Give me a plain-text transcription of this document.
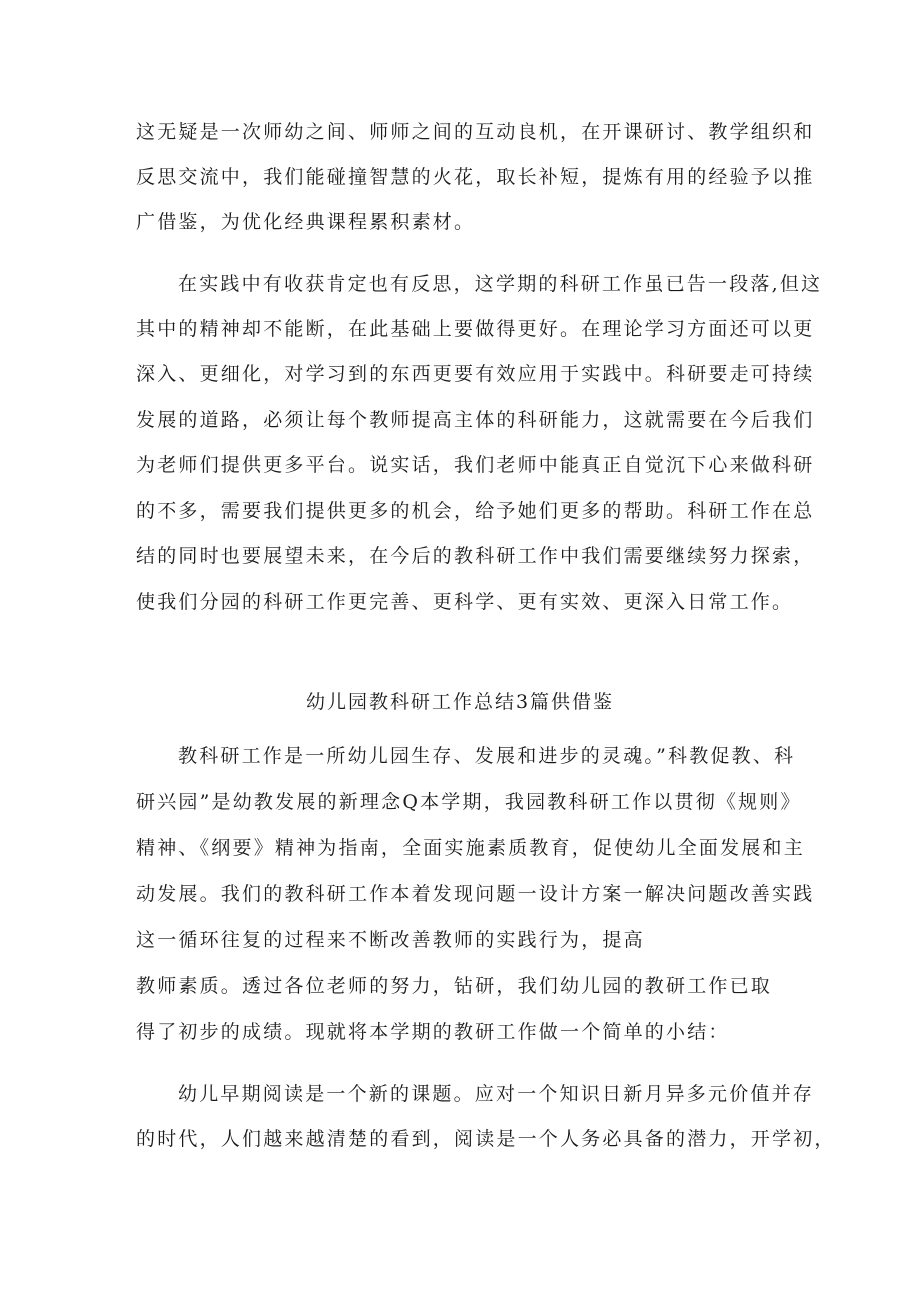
这无疑是一次师幼之间、师师之间的互动良机，在开课研讨、教学组织和
反思交流中，我们能碰撞智慧的火花，取长补短，提炼有用的经验予以推
广借鉴，为优化经典课程累积素材。
在实践中有收获肯定也有反思，这学期的科研工作虽已告一段落,但这
其中的精神却不能断，在此基础上要做得更好。在理论学习方面还可以更
深入、更细化，对学习到的东西更要有效应用于实践中。科研要走可持续
发展的道路，必须让每个教师提高主体的科研能力，这就需要在今后我们
为老师们提供更多平台。说实话，我们老师中能真正自觉沉下心来做科研
的不多，需要我们提供更多的机会，给予她们更多的帮助。科研工作在总
结的同时也要展望未来，在今后的教科研工作中我们需要继续努力探索，
使我们分园的科研工作更完善、更科学、更有实效、更深入日常工作。
幼儿园教科研工作总结3篇供借鉴
教科研工作是一所幼儿园生存、发展和进步的灵魂。”科教促教、科
研兴园”是幼教发展的新理念Q本学期，我园教科研工作以贯彻《规则》
精神、《纲要》精神为指南，全面实施素质教育，促使幼儿全面发展和主
动发展。我们的教科研工作本着发现问题一设计方案一解决问题改善实践
这一循环往复的过程来不断改善教师的实践行为，提高
教师素质。透过各位老师的努力，钻研，我们幼儿园的教研工作已取
得了初步的成绩。现就将本学期的教研工作做一个简单的小结：
幼儿早期阅读是一个新的课题。应对一个知识日新月异多元价值并存
的时代，人们越来越清楚的看到，阅读是一个人务必具备的潜力，开学初，
